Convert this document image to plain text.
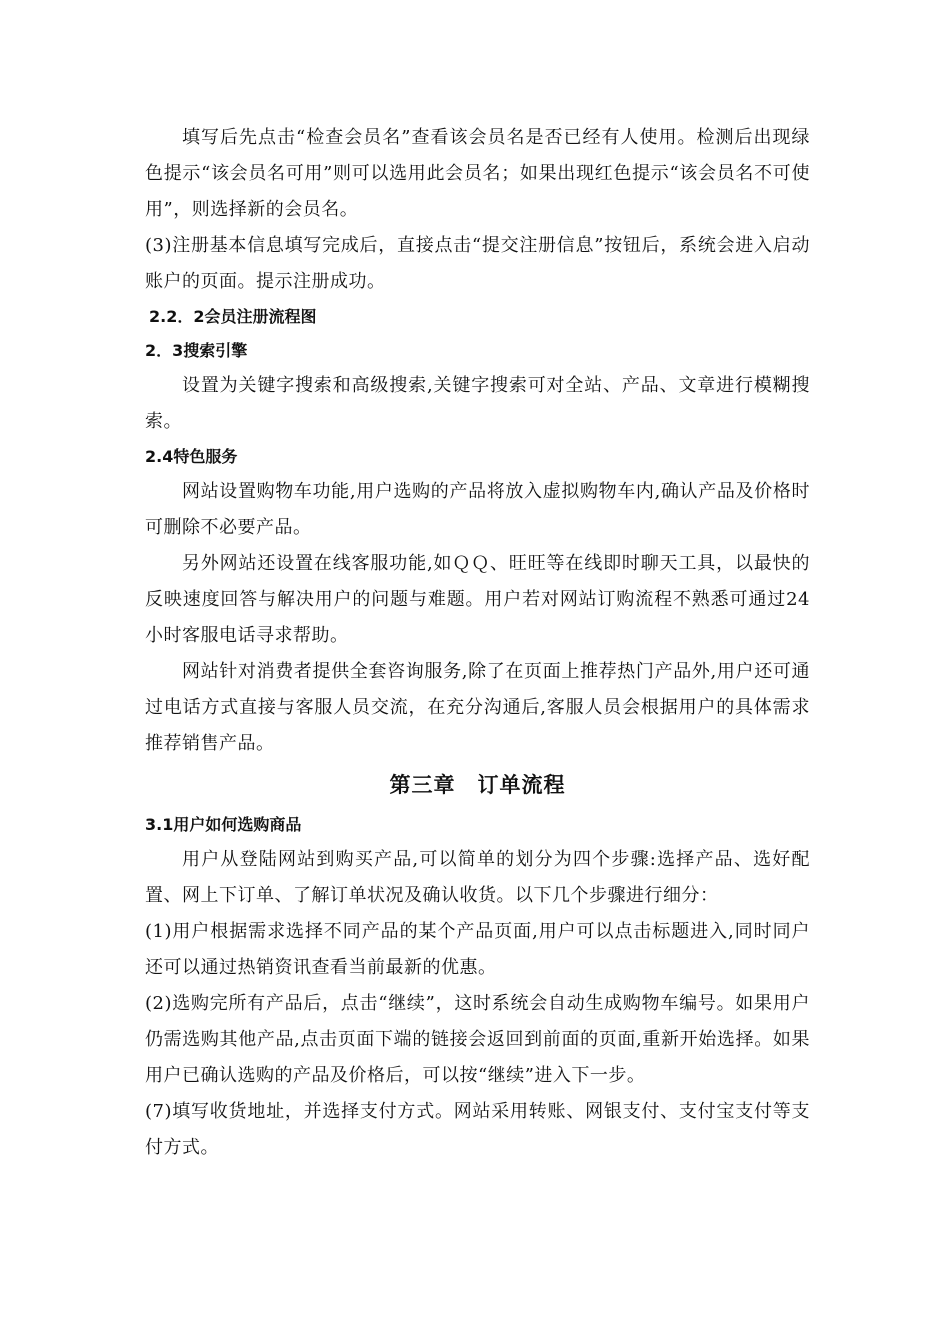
填写后先点击“检查会员名”查看该会员名是否已经有人使用。检测后出现绿色提示“该会员名可用”则可以选用此会员名；如果出现红色提示“该会员名不可使用”，则选择新的会员名。

(3)注册基本信息填写完成后，直接点击“提交注册信息”按钮后，系统会进入启动账户的页面。提示注册成功。

2.2．2会员注册流程图

2．3搜索引擎

设置为关键字搜索和高级搜索,关键字搜索可对全站、产品、文章进行模糊搜索。

2.4特色服务

网站设置购物车功能,用户选购的产品将放入虚拟购物车内,确认产品及价格时可删除不必要产品。

另外网站还设置在线客服功能,如ＱＱ、旺旺等在线即时聊天工具，以最快的反映速度回答与解决用户的问题与难题。用户若对网站订购流程不熟悉可通过24小时客服电话寻求帮助。

网站针对消费者提供全套咨询服务,除了在页面上推荐热门产品外,用户还可通过电话方式直接与客服人员交流，在充分沟通后,客服人员会根据用户的具体需求推荐销售产品。

第三章　订单流程

3.1用户如何选购商品

用户从登陆网站到购买产品,可以简单的划分为四个步骤:选择产品、选好配置、网上下订单、了解订单状况及确认收货。以下几个步骤进行细分：

(1)用户根据需求选择不同产品的某个产品页面,用户可以点击标题进入,同时同户还可以通过热销资讯查看当前最新的优惠。

(2)选购完所有产品后，点击“继续”，这时系统会自动生成购物车编号。如果用户仍需选购其他产品,点击页面下端的链接会返回到前面的页面,重新开始选择。如果用户已确认选购的产品及价格后，可以按“继续”进入下一步。

(7)填写收货地址，并选择支付方式。网站采用转账、网银支付、支付宝支付等支付方式。
